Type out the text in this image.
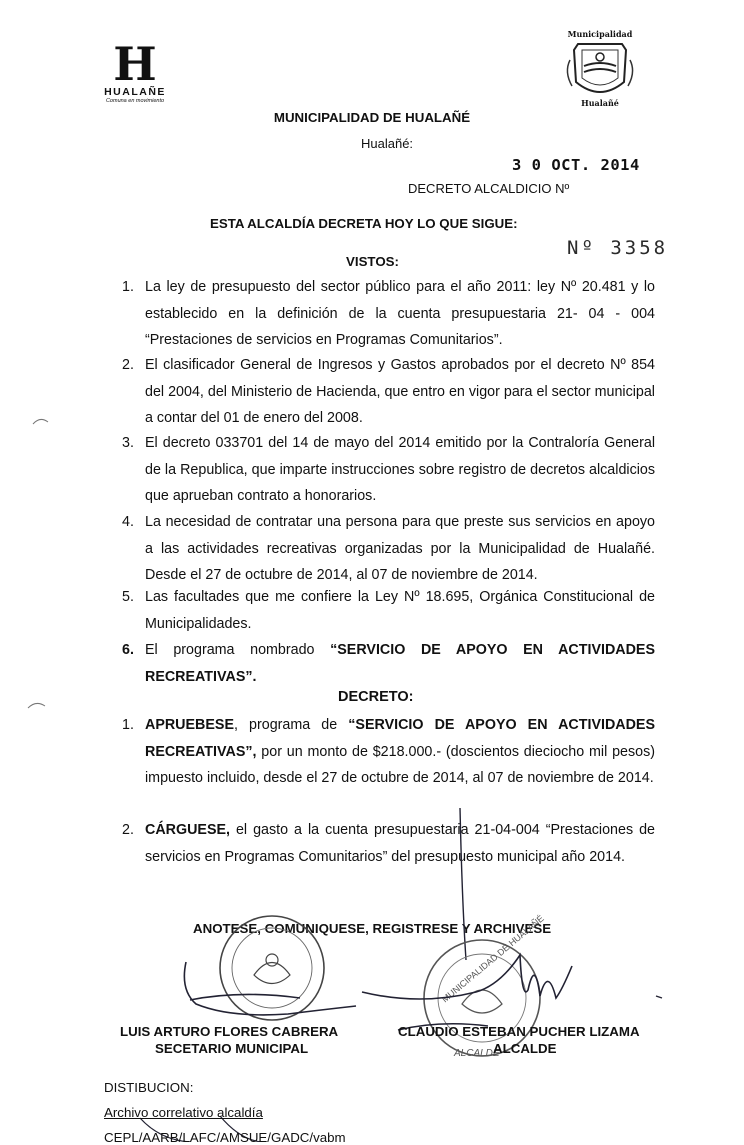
H
HUALAÑE
Comuna en movimiento
Municipalidad
Hualañé
MUNICIPALIDAD DE HUALAÑÉ
Hualañé:
3 0 OCT. 2014
DECRETO ALCALDICIO Nº
ESTA ALCALDÍA DECRETA HOY LO QUE SIGUE:
Nº 3358
VISTOS:
1. La ley de presupuesto del sector público para el año 2011: ley Nº 20.481 y lo establecido en la definición de la cuenta presupuestaria 21- 04 - 004 “Prestaciones de servicios en Programas Comunitarios”.
2. El clasificador General de Ingresos y Gastos aprobados por el decreto Nº 854 del 2004, del Ministerio de Hacienda, que entro en vigor para el sector municipal a contar del 01 de enero del 2008.
3. El decreto 033701 del 14 de mayo del 2014 emitido por la Contraloría General de la Republica, que imparte instrucciones sobre registro de decretos alcaldicios que aprueban contrato a honorarios.
4. La necesidad de contratar una persona para que preste sus servicios en apoyo a las actividades recreativas organizadas por la Municipalidad de Hualañé. Desde el 27 de octubre de 2014, al 07 de noviembre de 2014.
5. Las facultades que me confiere la Ley Nº 18.695, Orgánica Constitucional de Municipalidades.
6. El programa nombrado “SERVICIO DE APOYO EN ACTIVIDADES RECREATIVAS”.
DECRETO:
1. APRUEBESE, programa de “SERVICIO DE APOYO EN ACTIVIDADES RECREATIVAS”, por un monto de $218.000.- (doscientos dieciocho mil pesos) impuesto incluido, desde el 27 de octubre de 2014, al 07 de noviembre de 2014.
2. CÁRGUESE, el gasto a la cuenta presupuestaria 21-04-004 “Prestaciones de servicios en Programas Comunitarios” del presupuesto municipal año 2014.
ANOTESE, COMUNIQUESE, REGISTRESE Y ARCHIVESE
MUNICIPALIDAD DE HUALAÑÉ
ALCALDE
LUIS ARTURO FLORES CABRERA
SECETARIO MUNICIPAL
CLAUDIO ESTEBAN PUCHER LIZAMA
ALCALDE
DISTIBUCION:
Archivo correlativo alcaldía
CEPL/AARB/LAFC/AMSUE/GADC/vabm
